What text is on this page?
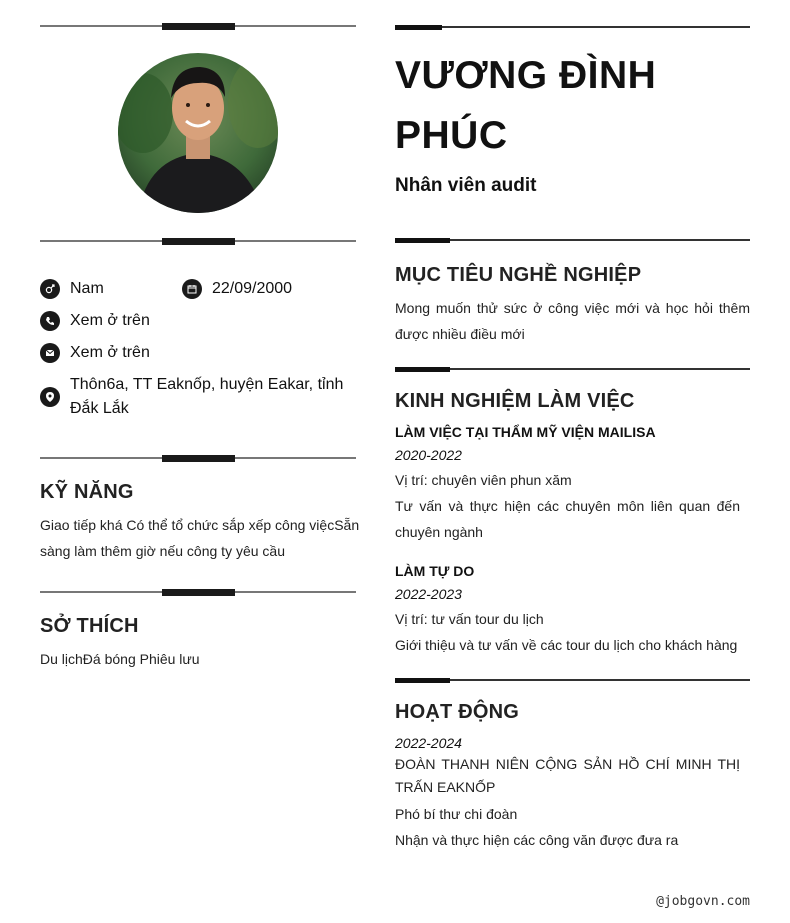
Nam	22/09/2000
Xem ở trên
Xem ở trên
Thôn6a, TT Eaknốp, huyện Eakar, tỉnh Đắk Lắk
KỸ NĂNG
Giao tiếp khá Có thể tổ chức sắp xếp công việcSẵn sàng làm thêm giờ nếu công ty yêu cầu
SỞ THÍCH
Du lịchĐá bóng Phiêu lưu
VƯƠNG ĐÌNH PHÚC
Nhân viên audit
MỤC TIÊU NGHỀ NGHIỆP
Mong muốn thử sức ở công việc mới và học hỏi thêm được nhiều điều mới
KINH NGHIỆM LÀM VIỆC
LÀM VIỆC TẠI THẨM MỸ VIỆN MAILISA
2020-2022
Vị trí: chuyên viên phun xăm
Tư vấn và thực hiện các chuyên môn liên quan đến chuyên ngành
LÀM TỰ DO
2022-2023
Vị trí: tư vấn tour du lịch
Giới thiệu và tư vấn về các tour du lịch cho khách hàng
HOẠT ĐỘNG
2022-2024
ĐOÀN THANH NIÊN CỘNG SẢN HỒ CHÍ MINH THỊ TRẤN EAKNỐP
Phó bí thư chi đoàn
Nhận và thực hiện các công văn được đưa ra
@jobgovn.com
